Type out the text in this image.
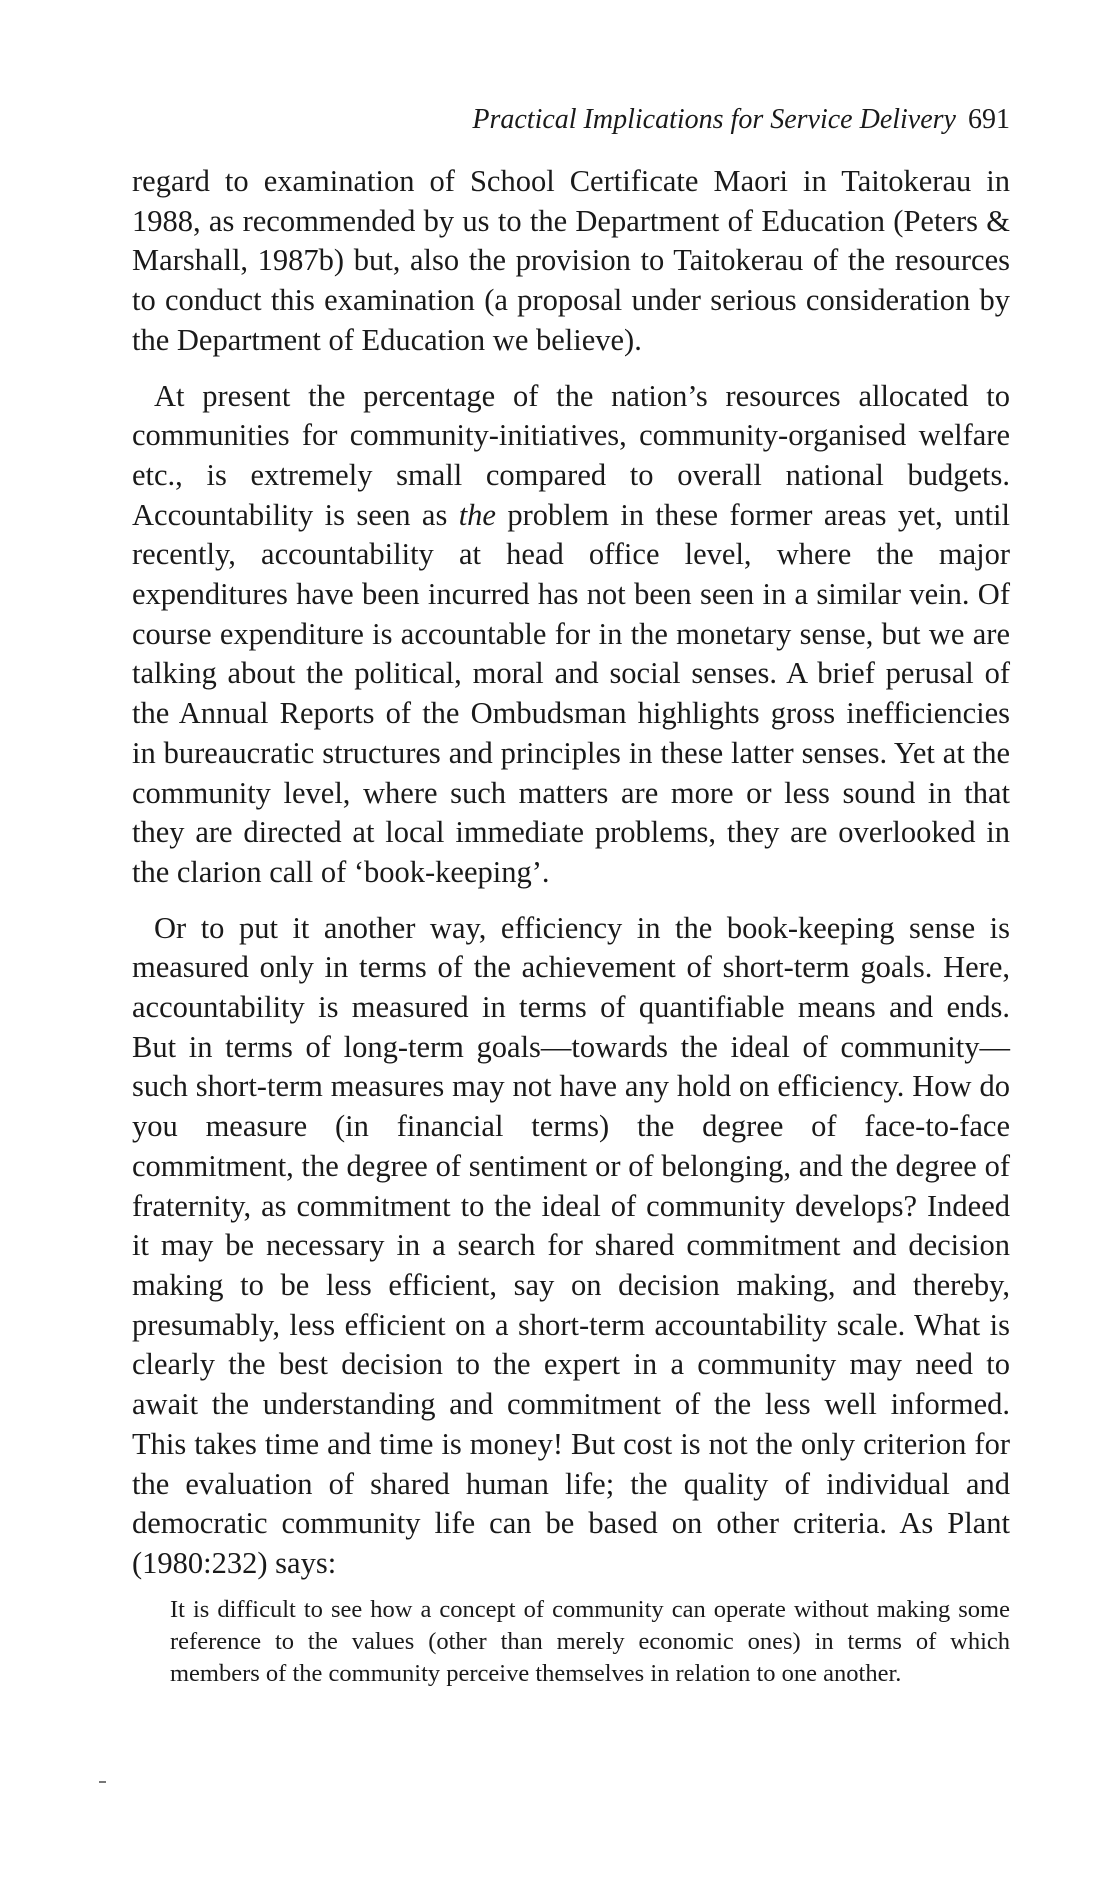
Practical Implications for Service Delivery 691

regard to examination of School Certificate Maori in Taitokerau in 1988, as recommended by us to the Department of Education (Peters & Marshall, 1987b) but, also the provision to Taitokerau of the resources to conduct this examination (a proposal under serious consideration by the Department of Education we believe).

At present the percentage of the nation’s resources allocated to communities for community-initiatives, community-organised welfare etc., is extremely small compared to overall national budgets. Accountability is seen as the problem in these former areas yet, until recently, accountability at head office level, where the major expenditures have been incurred has not been seen in a similar vein. Of course expenditure is accountable for in the monetary sense, but we are talking about the political, moral and social senses. A brief perusal of the Annual Reports of the Ombudsman highlights gross inefficiencies in bureaucratic structures and principles in these latter senses. Yet at the community level, where such matters are more or less sound in that they are directed at local immediate problems, they are overlooked in the clarion call of ‘book-keeping’.

Or to put it another way, efficiency in the book-keeping sense is measured only in terms of the achievement of short-term goals. Here, accountability is measured in terms of quantifiable means and ends. But in terms of long-term goals—towards the ideal of community—such short-term measures may not have any hold on efficiency. How do you measure (in financial terms) the degree of face-to-face commitment, the degree of sentiment or of belonging, and the degree of fraternity, as commitment to the ideal of community develops? Indeed it may be necessary in a search for shared commitment and decision making to be less efficient, say on decision making, and thereby, presumably, less efficient on a short-term accountability scale. What is clearly the best decision to the expert in a community may need to await the understanding and commitment of the less well informed. This takes time and time is money! But cost is not the only criterion for the evaluation of shared human life; the quality of individual and democratic community life can be based on other criteria. As Plant (1980:232) says:

It is difficult to see how a concept of community can operate without making some reference to the values (other than merely economic ones) in terms of which members of the community perceive themselves in relation to one another.
